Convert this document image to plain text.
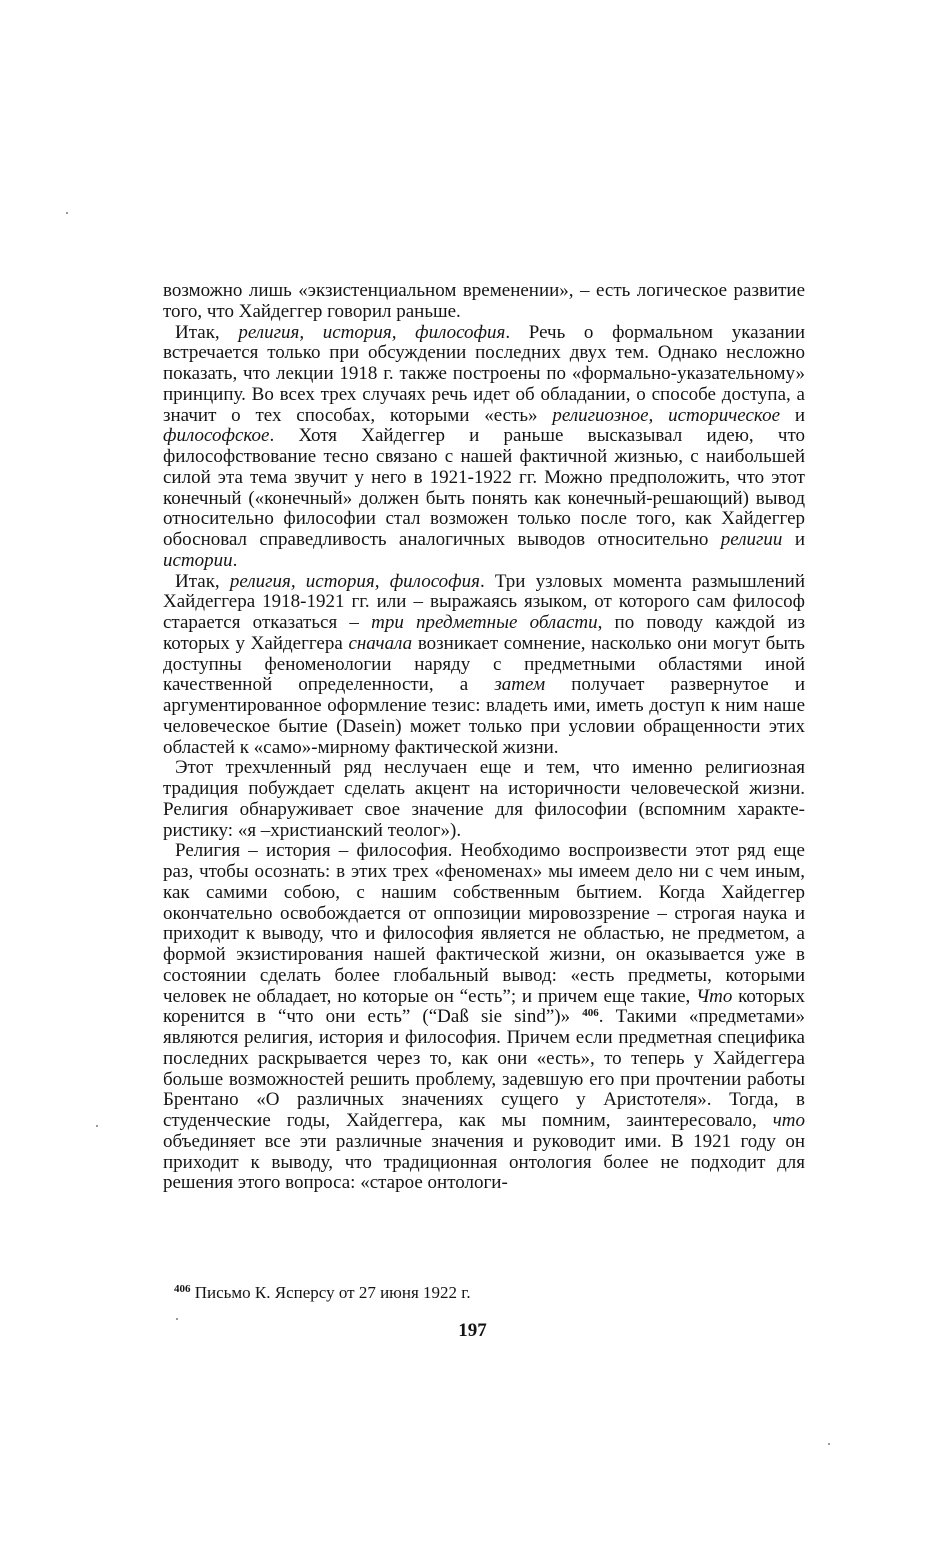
возможно лишь «экзистенциальном временении», – есть логическое развитие того, что Хайдеггер говорил раньше.

Итак, религия, история, философия. Речь о формальном указании встречается только при обсуждении последних двух тем. Однако несложно показать, что лекции 1918 г. также построены по «формально-указательному» принципу. Во всех трех случаях речь идет об обладании, о способе доступа, а значит о тех способах, которыми «есть» религиозное, историческое и философское. Хотя Хайдеггер и раньше высказывал идею, что философствование тесно связано с нашей фактичной жизнью, с наибольшей силой эта тема звучит у него в 1921-1922 гг. Можно предположить, что этот конечный («конечный» должен быть понять как конечный-решающий) вывод относительно философии стал возможен только после того, как Хайдеггер обосновал справедливость аналогичных выводов относительно религии и истории.

Итак, религия, история, философия. Три узловых момента размышлений Хайдеггера 1918-1921 гг. или – выражаясь языком, от которого сам философ старается отказаться – три предметные области, по поводу каждой из которых у Хайдеггера сначала возникает сомнение, насколько они могут быть доступны феноменологии наряду с предметными областями иной качественной определенности, а затем получает развернутое и аргументированное оформление тезис: владеть ими, иметь доступ к ним наше человеческое бытие (Dasein) может только при условии обращенности этих областей к «само»-мирному фактической жизни.

Этот трехчленный ряд неслучаен еще и тем, что именно религиозная традиция побуждает сделать акцент на историчности человеческой жизни. Религия обнаруживает свое значение для философии (вспомним характеристику: «я –христианский теолог»).

Религия – история – философия. Необходимо воспроизвести этот ряд еще раз, чтобы осознать: в этих трех «феноменах» мы имеем дело ни с чем иным, как самими собою, с нашим собственным бытием. Когда Хайдеггер окончательно освобождается от оппозиции мировоззрение – строгая наука и приходит к выводу, что и философия является не областью, не предметом, а формой экзистирования нашей фактической жизни, он оказывается уже в состоянии сделать более глобальный вывод: «есть предметы, которыми человек не обладает, но которые он “есть”; и причем еще такие, Что которых коренится в “что они есть” (“Daß sie sind”)» $^{406}$. Такими «предметами» являются религия, история и философия. Причем если предметная специфика последних раскрывается через то, как они «есть», то теперь у Хайдеггера больше возможностей решить проблему, задевшую его при прочтении работы Брентано «О различных значениях сущего у Аристотеля». Тогда, в студенческие годы, Хайдеггера, как мы помним, заинтересовало, что объединяет все эти различные значения и руководит ими. В 1921 году он приходит к выводу, что традиционная онтология более не подходит для решения этого вопроса: «старое онтологи-

$^{406}$ Письмо К. Ясперсу от 27 июня 1922 г.
197
